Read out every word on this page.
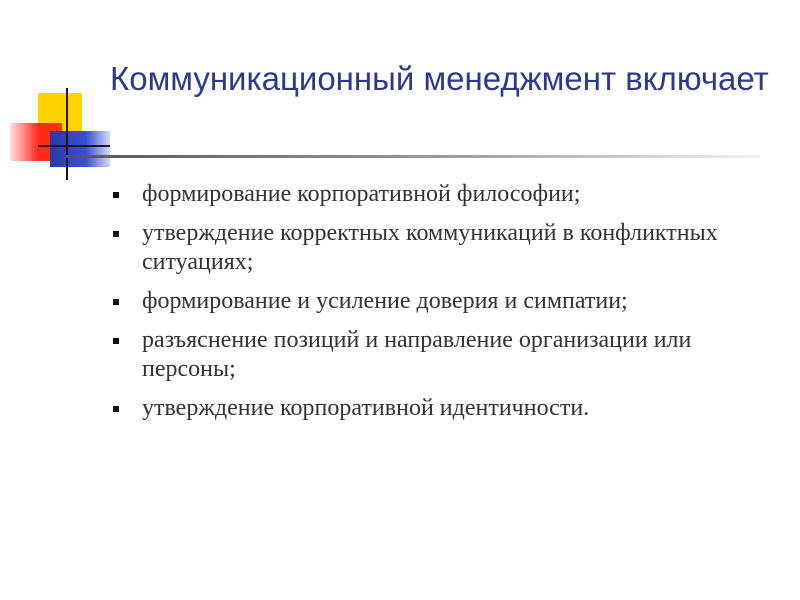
Коммуникационный менеджмент включает
формирование корпоративной философии;
утверждение корректных коммуникаций в конфликтных ситуациях;
формирование и усиление доверия и симпатии;
разъяснение позиций и направление организации или персоны;
утверждение корпоративной идентичности.
